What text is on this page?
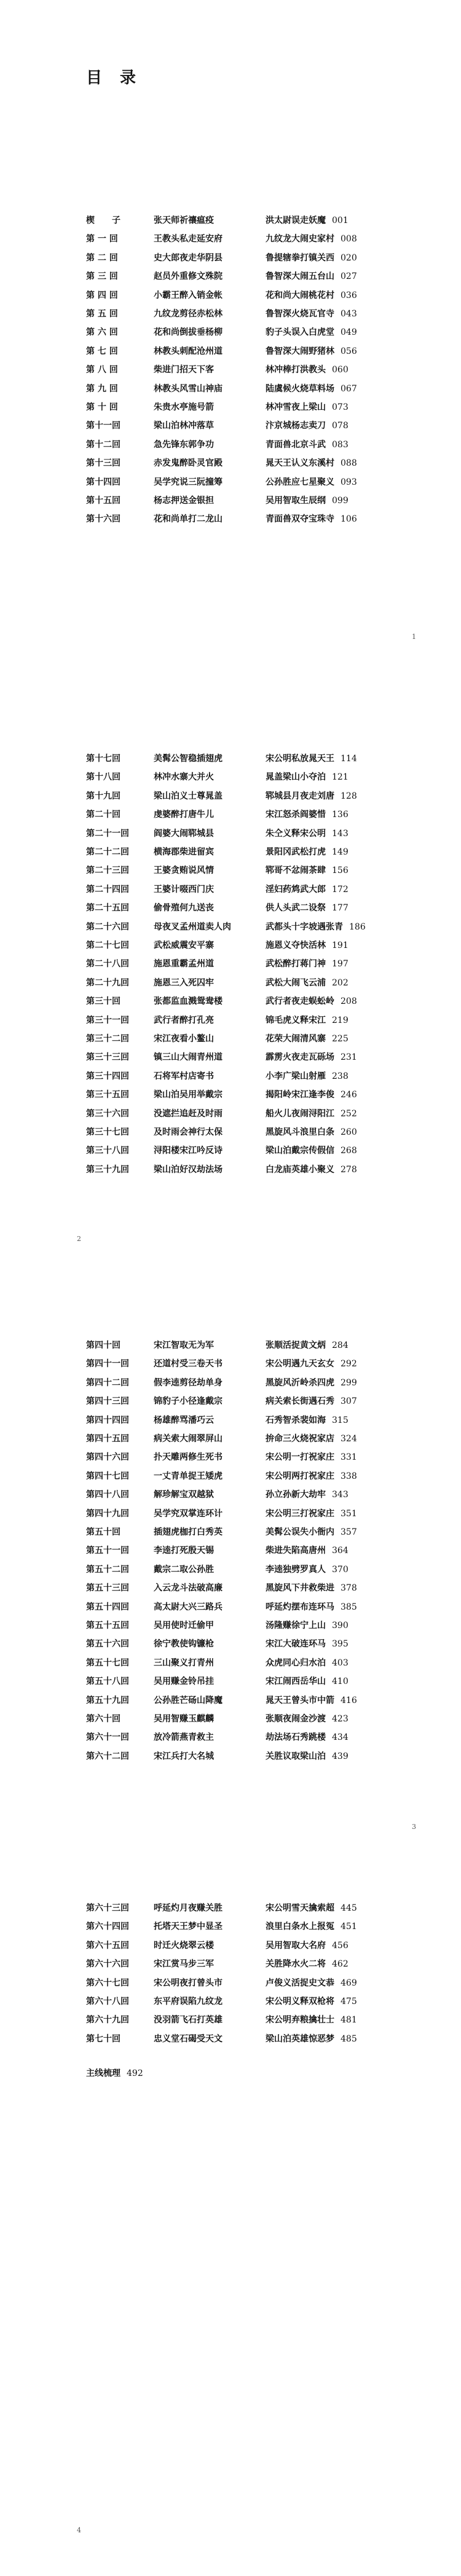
目 录
楔　　子	张天师祈禳瘟疫	洪太尉误走妖魔 001
第 一 回	王教头私走延安府	九纹龙大闹史家村 008
第 二 回	史大郎夜走华阴县	鲁提辖拳打镇关西 020
第 三 回	赵员外重修文殊院	鲁智深大闹五台山 027
第 四 回	小霸王醉入销金帐	花和尚大闹桃花村 036
第 五 回	九纹龙剪径赤松林	鲁智深火烧瓦官寺 043
第 六 回	花和尚倒拔垂杨柳	豹子头误入白虎堂 049
第 七 回	林教头刺配沧州道	鲁智深大闹野猪林 056
第 八 回	柴进门招天下客	林冲棒打洪教头 060
第 九 回	林教头风雪山神庙	陆虞候火烧草料场 067
第 十 回	朱贵水亭施号箭	林冲雪夜上梁山 073
第十一回	梁山泊林冲落草	汴京城杨志卖刀 078
第十二回	急先锋东郭争功	青面兽北京斗武 083
第十三回	赤发鬼醉卧灵官殿	晁天王认义东溪村 088
第十四回	吴学究说三阮撞筹	公孙胜应七星聚义 093
第十五回	杨志押送金银担	吴用智取生辰纲 099
第十六回	花和尚单打二龙山	青面兽双夺宝珠寺 106
1
第十七回	美髯公智稳插翅虎	宋公明私放晁天王 114
第十八回	林冲水寨大并火	晁盖梁山小夺泊 121
第十九回	梁山泊义士尊晁盖	郓城县月夜走刘唐 128
第二十回	虔婆醉打唐牛儿	宋江怒杀阎婆惜 136
第二十一回	阎婆大闹郓城县	朱仝义释宋公明 143
第二十二回	横海郡柴进留宾	景阳冈武松打虎 149
第二十三回	王婆贪贿说风情	郓哥不忿闹茶肆 156
第二十四回	王婆计啜西门庆	淫妇药鸩武大郎 172
第二十五回	偷骨殖何九送丧	供人头武二设祭 177
第二十六回	母夜叉孟州道卖人肉	武都头十字坡遇张青 186
第二十七回	武松威震安平寨	施恩义夺快活林 191
第二十八回	施恩重霸孟州道	武松醉打蒋门神 197
第二十九回	施恩三入死囚牢	武松大闹飞云浦 202
第三十回	张都监血溅鸳鸯楼	武行者夜走蜈蚣岭 208
第三十一回	武行者醉打孔亮	锦毛虎义释宋江 219
第三十二回	宋江夜看小鳌山	花荣大闹清风寨 225
第三十三回	镇三山大闹青州道	霹雳火夜走瓦砾场 231
第三十四回	石将军村店寄书	小李广梁山射雁 238
第三十五回	梁山泊吴用举戴宗	揭阳岭宋江逢李俊 246
第三十六回	没遮拦追赶及时雨	船火儿夜闹浔阳江 252
第三十七回	及时雨会神行太保	黑旋风斗浪里白条 260
第三十八回	浔阳楼宋江吟反诗	梁山泊戴宗传假信 268
第三十九回	梁山泊好汉劫法场	白龙庙英雄小聚义 278
2
第四十回	宋江智取无为军	张顺活捉黄文炳 284
第四十一回	还道村受三卷天书	宋公明遇九天玄女 292
第四十二回	假李逵剪径劫单身	黑旋风沂岭杀四虎 299
第四十三回	锦豹子小径逢戴宗	病关索长街遇石秀 307
第四十四回	杨雄醉骂潘巧云	石秀智杀裴如海 315
第四十五回	病关索大闹翠屏山	拚命三火烧祝家店 324
第四十六回	扑天雕两修生死书	宋公明一打祝家庄 331
第四十七回	一丈青单捉王矮虎	宋公明两打祝家庄 338
第四十八回	解珍解宝双越狱	孙立孙新大劫牢 343
第四十九回	吴学究双掌连环计	宋公明三打祝家庄 351
第五十回	插翅虎枷打白秀英	美髯公误失小衙内 357
第五十一回	李逵打死殷天锡	柴进失陷高唐州 364
第五十二回	戴宗二取公孙胜	李逵独劈罗真人 370
第五十三回	入云龙斗法破高廉	黑旋风下井救柴进 378
第五十四回	高太尉大兴三路兵	呼延灼摆布连环马 385
第五十五回	吴用使时迁偷甲	汤隆赚徐宁上山 390
第五十六回	徐宁教使钩镰枪	宋江大破连环马 395
第五十七回	三山聚义打青州	众虎同心归水泊 403
第五十八回	吴用赚金铃吊挂	宋江闹西岳华山 410
第五十九回	公孙胜芒砀山降魔	晁天王曾头市中箭 416
第六十回	吴用智赚玉麒麟	张顺夜闹金沙渡 423
第六十一回	放冷箭燕青救主	劫法场石秀跳楼 434
第六十二回	宋江兵打大名城	关胜议取梁山泊 439
3
第六十三回	呼延灼月夜赚关胜	宋公明雪天擒索超 445
第六十四回	托塔天王梦中显圣	浪里白条水上报冤 451
第六十五回	时迁火烧翠云楼	吴用智取大名府 456
第六十六回	宋江赏马步三军	关胜降水火二将 462
第六十七回	宋公明夜打曾头市	卢俊义活捉史文恭 469
第六十八回	东平府误陷九纹龙	宋公明义释双枪将 475
第六十九回	没羽箭飞石打英雄	宋公明弃粮擒壮士 481
第七十回	忠义堂石碣受天文	梁山泊英雄惊恶梦 485
主线梳理 492
4
